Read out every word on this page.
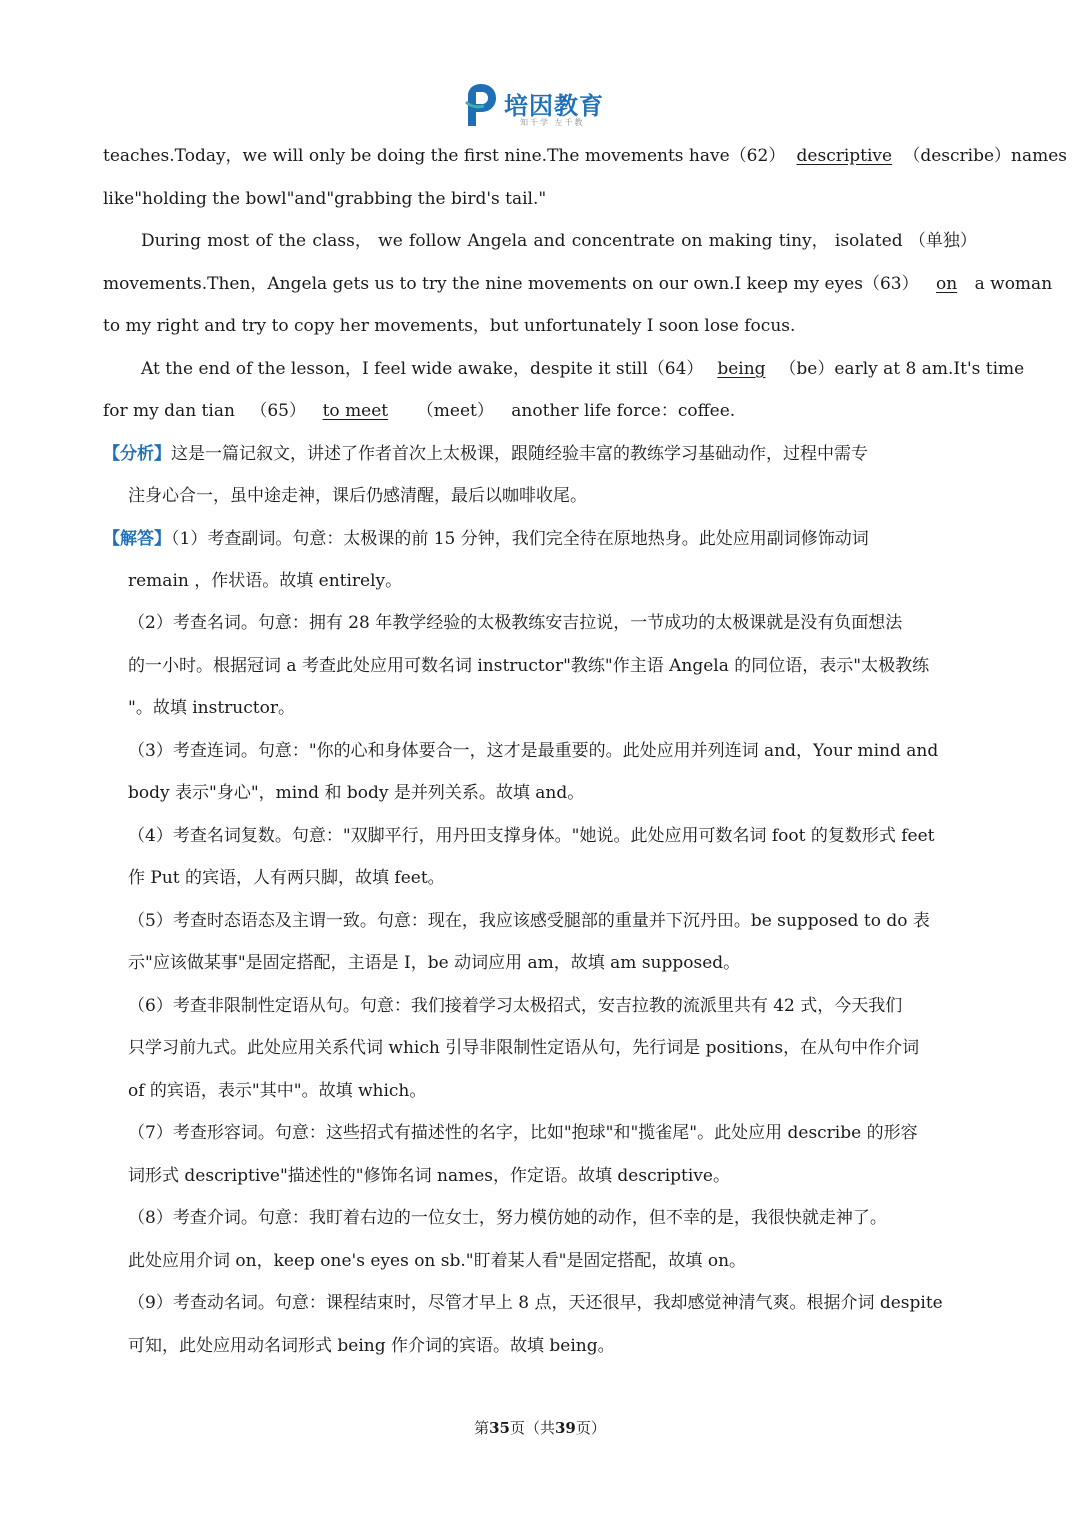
培因教育
知千学 左千教
teaches.Today，we will only be doing the first nine.The movements have （62） descriptive （describe）names
like"holding the bowl"and"grabbing the bird's tail."
During most of the class， we follow Angela and concentrate on making tiny， isolated （单独）
movements.Then，Angela gets us to try the nine movements on our own.I keep my eyes （63）	on	a woman
to my right and try to copy her movements，but unfortunately I soon lose focus.
At the end of the lesson，I feel wide awake，despite it still （64） being （be） early at 8 am.It's time
for my dan tian （65） to meet （meet） another life force：coffee.
【分析】这是一篇记叙文，讲述了作者首次上太极课，跟随经验丰富的教练学习基础动作，过程中需专
注身心合一，虽中途走神，课后仍感清醒，最后以咖啡收尾。
【解答】（1）考查副词。句意：太极课的前 15 分钟，我们完全待在原地热身。此处应用副词修饰动词
remain ，作状语。故填 entirely。
（2）考查名词。句意：拥有 28 年教学经验的太极教练安吉拉说，一节成功的太极课就是没有负面想法
的一小时。根据冠词 a 考查此处应用可数名词 instructor"教练"作主语 Angela 的同位语，表示"太极教练
"。故填 instructor。
（3）考查连词。句意："你的心和身体要合一，这才是最重要的。此处应用并列连词 and，Your mind and
body 表示"身心"，mind 和 body 是并列关系。故填 and。
（4）考查名词复数。句意："双脚平行，用丹田支撑身体。"她说。此处应用可数名词 foot 的复数形式 feet
作 Put 的宾语，人有两只脚，故填 feet。
（5）考查时态语态及主谓一致。句意：现在，我应该感受腿部的重量并下沉丹田。be supposed to do 表
示"应该做某事"是固定搭配，主语是 I，be 动词应用 am，故填 am supposed。
（6）考查非限制性定语从句。句意：我们接着学习太极招式，安吉拉教的流派里共有 42 式，今天我们
只学习前九式。此处应用关系代词 which 引导非限制性定语从句，先行词是 positions，在从句中作介词
of 的宾语，表示"其中"。故填 which。
（7）考查形容词。句意：这些招式有描述性的名字，比如"抱球"和"揽雀尾"。此处应用 describe 的形容
词形式 descriptive"描述性的"修饰名词 names，作定语。故填 descriptive。
（8）考查介词。句意：我盯着右边的一位女士，努力模仿她的动作，但不幸的是，我很快就走神了。
此处应用介词 on，keep one's eyes on sb."盯着某人看"是固定搭配，故填 on。
（9）考查动名词。句意：课程结束时，尽管才早上 8 点，天还很早，我却感觉神清气爽。根据介词 despite
可知，此处应用动名词形式 being 作介词的宾语。故填 being。
第35页（共39页）
